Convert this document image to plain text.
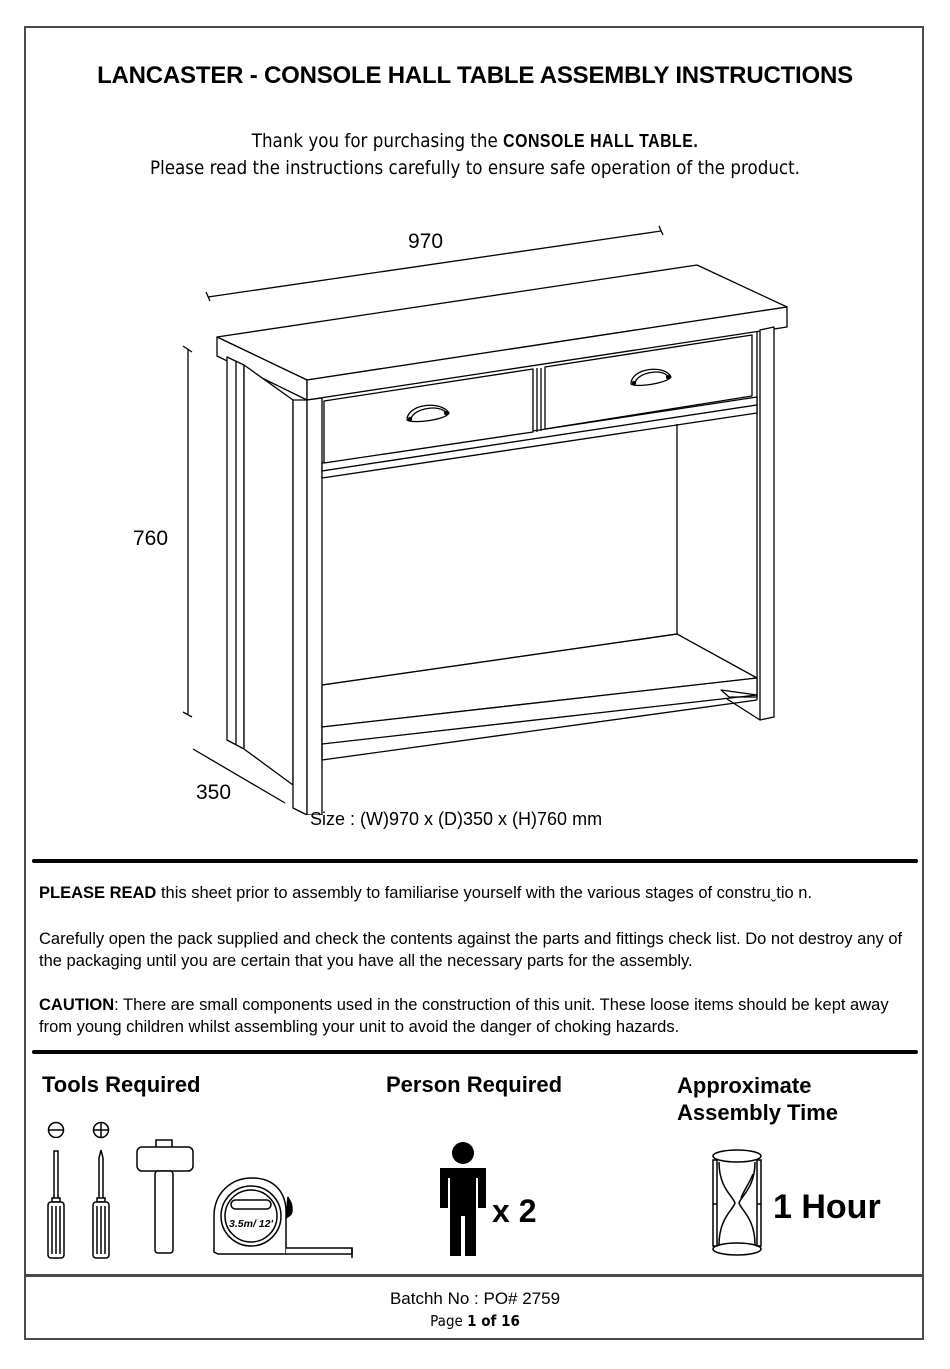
LANCASTER - CONSOLE HALL TABLE ASSEMBLY INSTRUCTIONS
Thank you for purchasing the CONSOLE HALL TABLE.
Please read the instructions carefully to ensure safe operation of the product.
970
760
350
Size : (W)970 x (D)350 x (H)760 mm
PLEASE READ this sheet prior to assembly to familiarise yourself with the various stages of construˬtio n.
Carefully open the pack supplied and check the contents against the parts and fittings check list. Do not destroy any of the packaging until you are certain that you have all the necessary parts for the assembly.
CAUTION: There are small components used in the construction of this unit. These loose items should be kept away from young children whilst assembling your unit to avoid the danger of choking hazards.
Tools Required
3.5m/ 12'
Person Required
x 2
Approximate
Assembly Time
1 Hour
Batchh No : PO# 2759
Page 1 of 16
